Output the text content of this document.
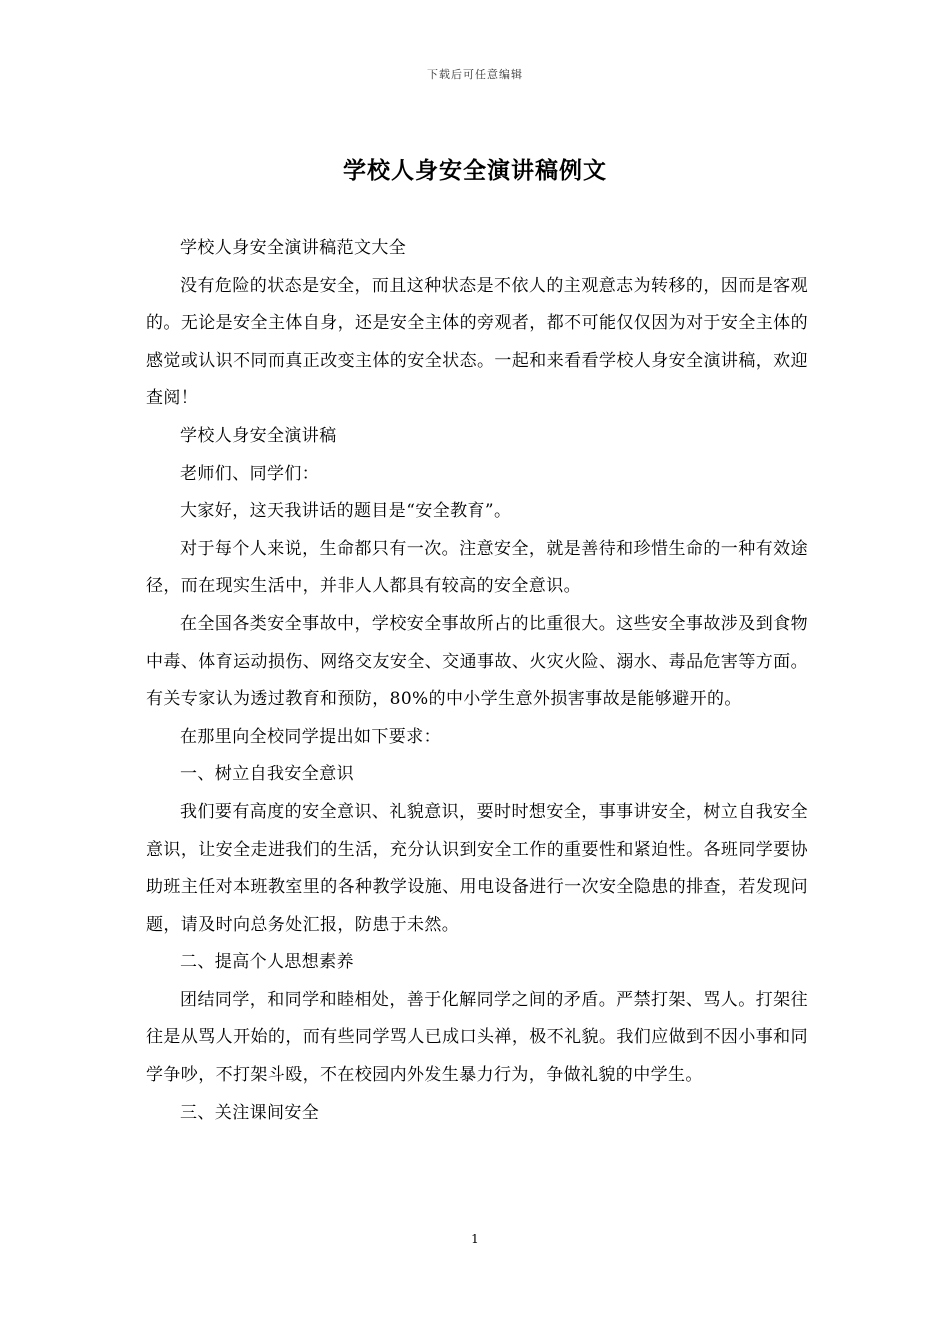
下载后可任意编辑
学校人身安全演讲稿例文

学校人身安全演讲稿范文大全

没有危险的状态是安全，而且这种状态是不依人的主观意志为转移的，因而是客观的。无论是安全主体自身，还是安全主体的旁观者，都不可能仅仅因为对于安全主体的感觉或认识不同而真正改变主体的安全状态。一起和来看看学校人身安全演讲稿，欢迎查阅！

学校人身安全演讲稿

老师们、同学们：

大家好，这天我讲话的题目是“安全教育”。

对于每个人来说，生命都只有一次。注意安全，就是善待和珍惜生命的一种有效途径，而在现实生活中，并非人人都具有较高的安全意识。

在全国各类安全事故中，学校安全事故所占的比重很大。这些安全事故涉及到食物中毒、体育运动损伤、网络交友安全、交通事故、火灾火险、溺水、毒品危害等方面。有关专家认为透过教育和预防，80%的中小学生意外损害事故是能够避开的。

在那里向全校同学提出如下要求：

一、树立自我安全意识

我们要有高度的安全意识、礼貌意识，要时时想安全，事事讲安全，树立自我安全意识，让安全走进我们的生活，充分认识到安全工作的重要性和紧迫性。各班同学要协助班主任对本班教室里的各种教学设施、用电设备进行一次安全隐患的排查，若发现问题，请及时向总务处汇报，防患于未然。

二、提高个人思想素养

团结同学，和同学和睦相处，善于化解同学之间的矛盾。严禁打架、骂人。打架往往是从骂人开始的，而有些同学骂人已成口头禅，极不礼貌。我们应做到不因小事和同学争吵，不打架斗殴，不在校园内外发生暴力行为，争做礼貌的中学生。

三、关注课间安全

1
